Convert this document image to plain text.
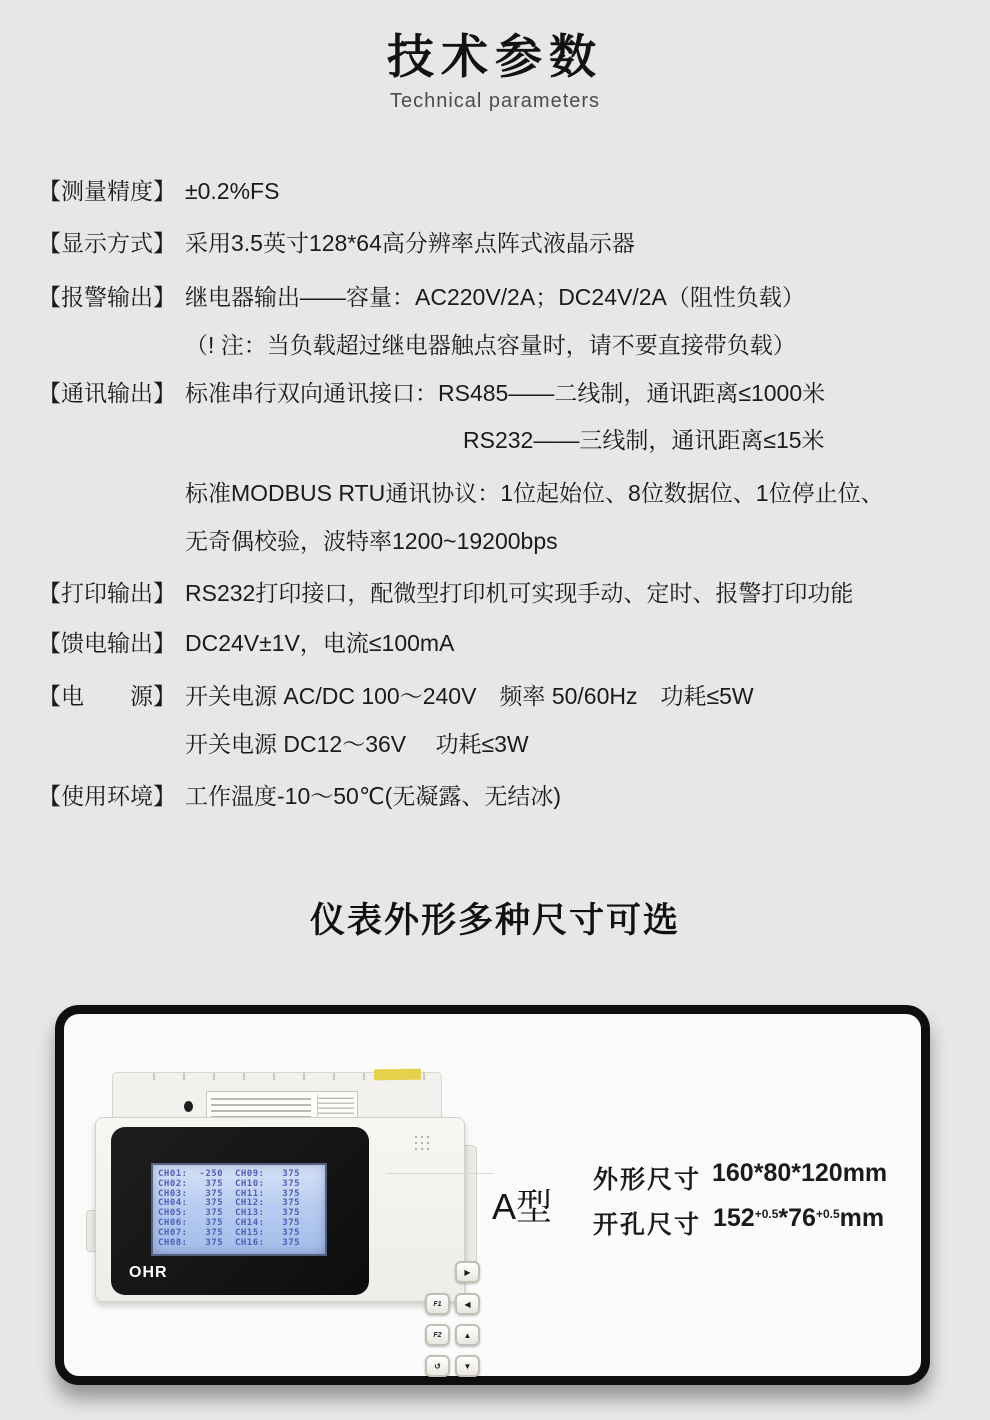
技术参数
Technical parameters
【测量精度】 ±0.2%FS
【显示方式】 采用3.5英寸128*64高分辨率点阵式液晶示器
【报警输出】 继电器输出——容量：AC220V/2A；DC24V/2A（阻性负载）
（! 注：当负载超过继电器触点容量时，请不要直接带负载）
【通讯输出】 标准串行双向通讯接口：RS485——二线制，通讯距离≤1000米
RS232——三线制，通讯距离≤15米
标准MODBUS RTU通讯协议：1位起始位、8位数据位、1位停止位、
无奇偶校验，波特率1200~19200bps
【打印输出】 RS232打印接口，配微型打印机可实现手动、定时、报警打印功能
【馈电输出】 DC24V±1V，电流≤100mA
【电　　源】 开关电源 AC/DC 100～240V　频率 50/60Hz　功耗≤5W
开关电源 DC12～36V　 功耗≤3W
【使用环境】 工作温度-10～50℃(无凝露、无结冰)
仪表外形多种尺寸可选
CH01:  -250  CH09:   375
CH02:   375  CH10:   375
CH03:   375  CH11:   375
CH04:   375  CH12:   375
CH05:   375  CH13:   375
CH06:   375  CH14:   375
CH07:   375  CH15:   375
CH08:   375  CH16:   375
OHR	▶
F1	◀
F2	▲
↺	▼
A型
外形尺寸 160*80*120mm
开孔尺寸 $152^{+0.5}*76^{+0.5}mm$
